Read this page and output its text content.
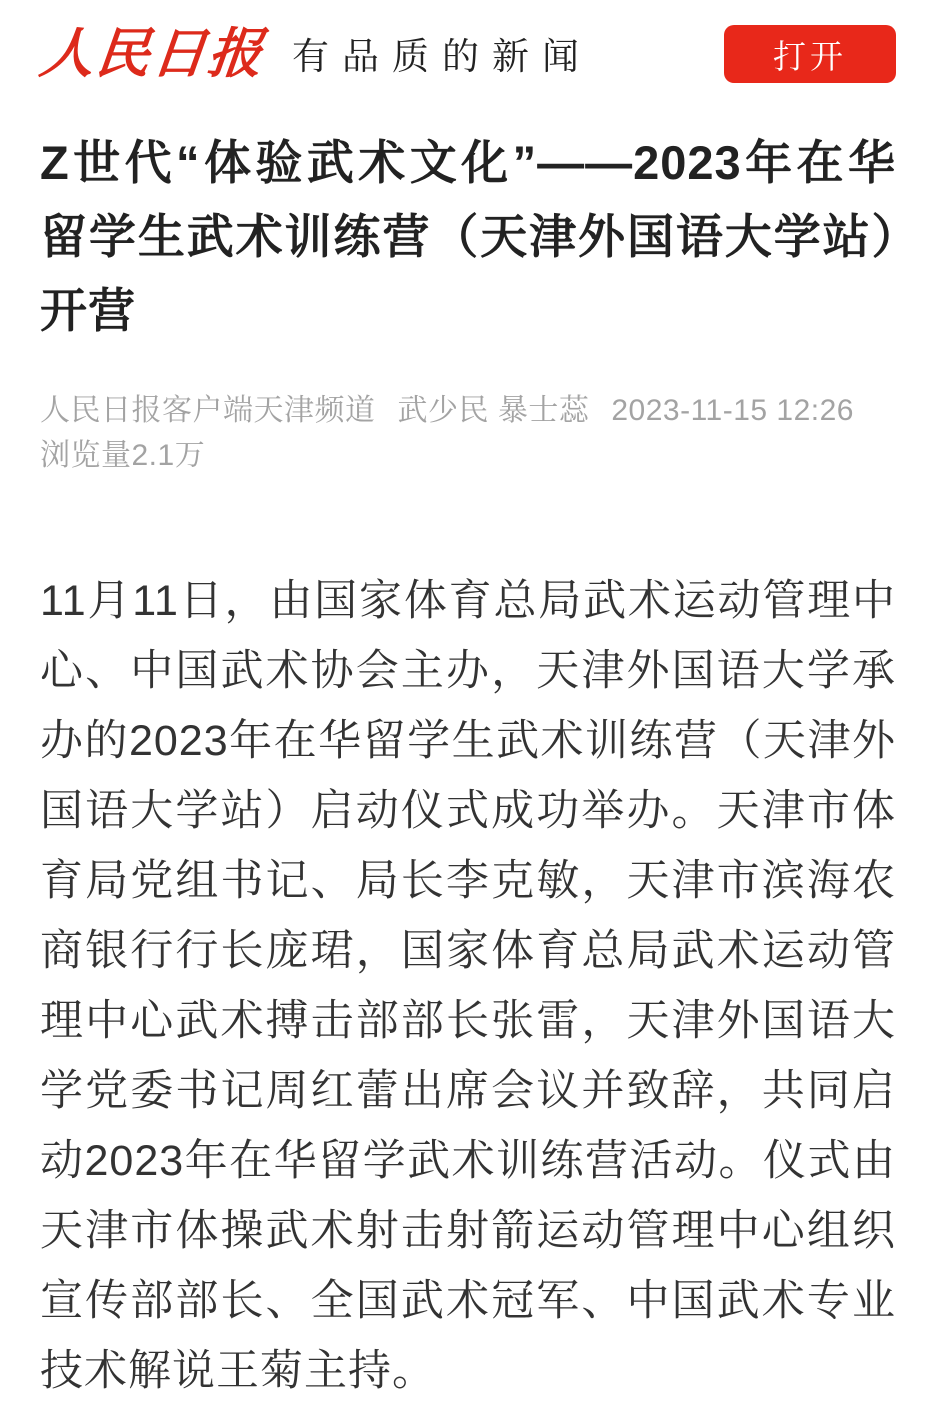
人民日报 有品质的新闻	打开
Z世代“体验武术文化”——2023年在华留学生武术训练营（天津外国语大学站）开营
人民日报客户端天津频道 武少民 暴士蕊 2023-11-15 12:26
浏览量2.1万

11月11日，由国家体育总局武术运动管理中心、中国武术协会主办，天津外国语大学承办的2023年在华留学生武术训练营（天津外国语大学站）启动仪式成功举办。天津市体育局党组书记、局长李克敏，天津市滨海农商银行行长庞珺，国家体育总局武术运动管理中心武术搏击部部长张雷，天津外国语大学党委书记周红蕾出席会议并致辞，共同启动2023年在华留学武术训练营活动。仪式由天津市体操武术射击射箭运动管理中心组织宣传部部长、全国武术冠军、中国武术专业技术解说王菊主持。
